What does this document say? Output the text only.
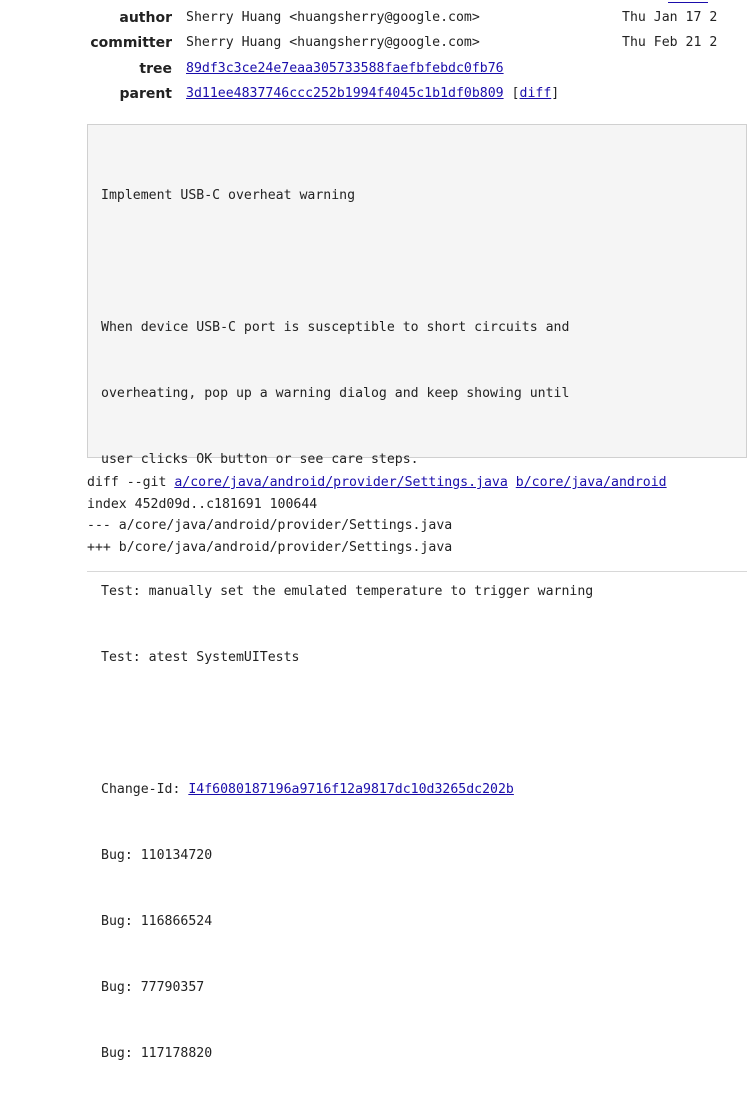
author Sherry Huang <huangsherry@google.com>	Thu Jan 17 2
committer Sherry Huang <huangsherry@google.com>	Thu Feb 21 2
tree 89df3c3ce24e7eaa305733588faefbfebdc0fb76
parent 3d11ee4837746ccc252b1994f4045c1b1df0b809 [diff]

Implement USB-C overheat warning

When device USB-C port is susceptible to short circuits and

overheating, pop up a warning dialog and keep showing until

user clicks OK button or see care steps.

Test: manually set the emulated temperature to trigger warning

Test: atest SystemUITests

Change-Id: I4f6080187196a9716f12a9817dc10d3265dc202b

Bug: 110134720

Bug: 116866524

Bug: 77790357

Bug: 117178820

diff --git a/core/java/android/provider/Settings.java b/core/java/android
index 452d09d..c181691 100644
--- a/core/java/android/provider/Settings.java
+++ b/core/java/android/provider/Settings.java
